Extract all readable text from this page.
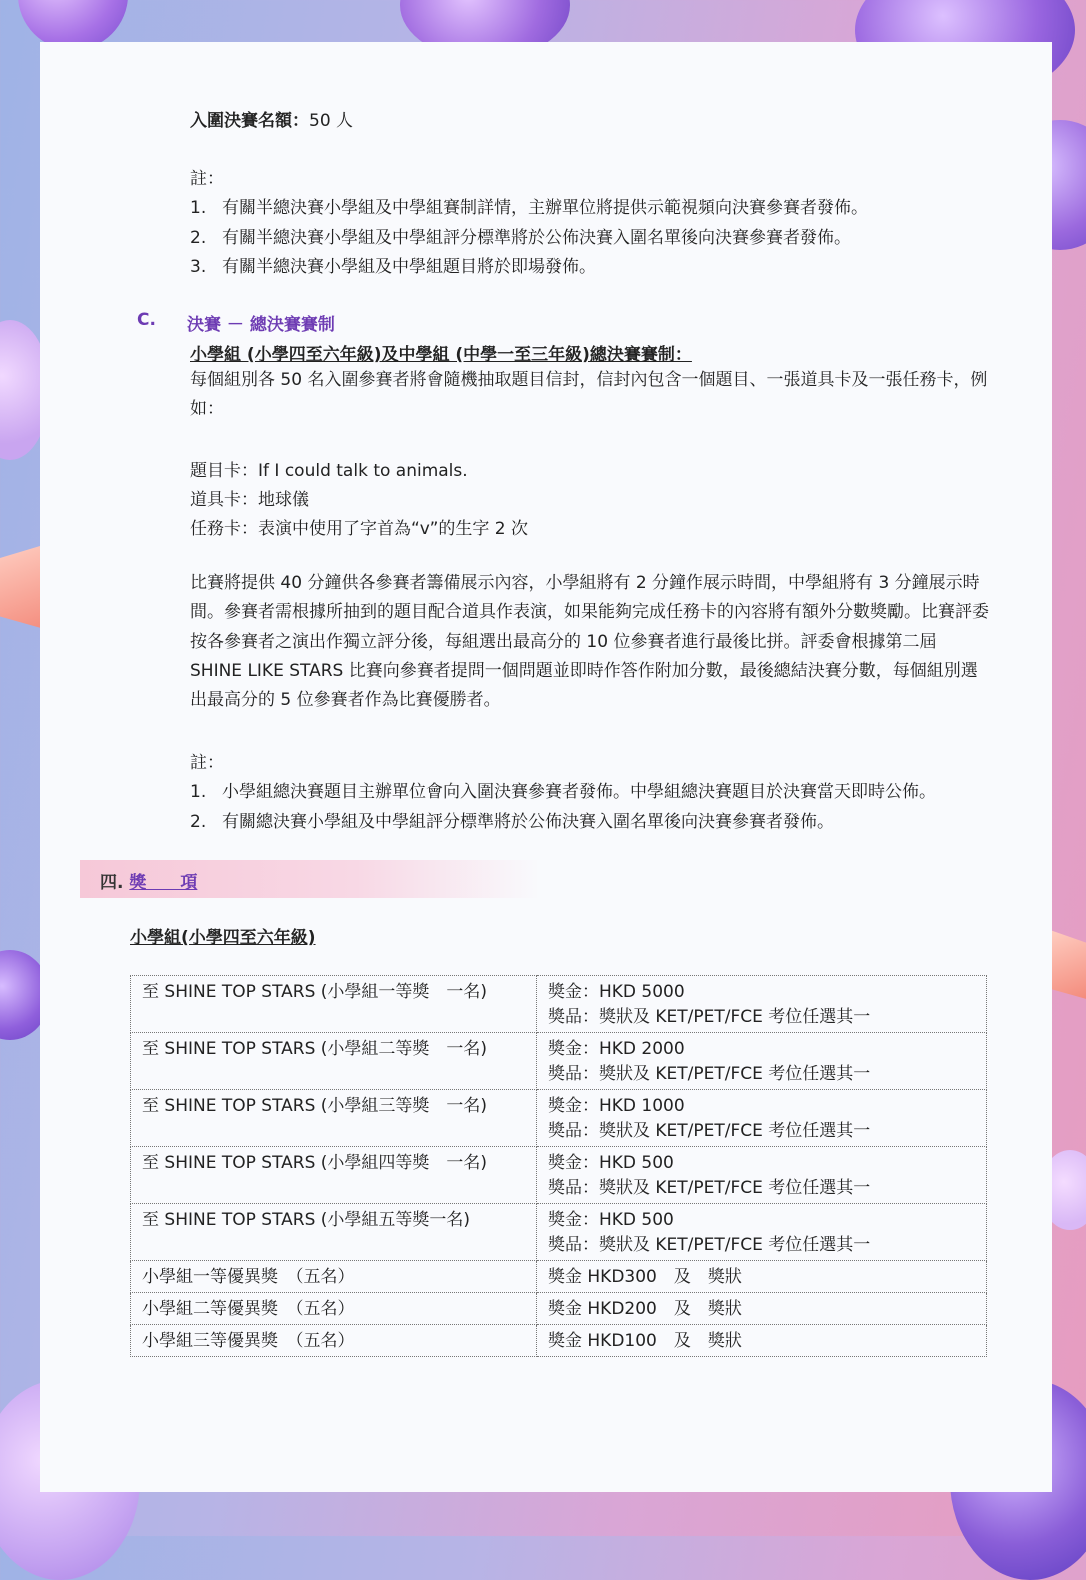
入圍決賽名額：50 人
註：
1. 有關半總決賽小學組及中學組賽制詳情，主辦單位將提供示範視頻向決賽參賽者發佈。
2. 有關半總決賽小學組及中學組評分標準將於公佈決賽入圍名單後向決賽參賽者發佈。
3. 有關半總決賽小學組及中學組題目將於即場發佈。
C. 決賽 － 總決賽賽制
小學組 (小學四至六年級)及中學組 (中學一至三年級)總決賽賽制：
每個組別各 50 名入圍參賽者將會隨機抽取題目信封，信封內包含一個題目、一張道具卡及一張任務卡，例如：
題目卡：If I could talk to animals.
道具卡：地球儀
任務卡：表演中使用了字首為“v”的生字 2 次
比賽將提供 40 分鐘供各參賽者籌備展示內容，小學組將有 2 分鐘作展示時間，中學組將有 3 分鐘展示時間。參賽者需根據所抽到的題目配合道具作表演，如果能夠完成任務卡的內容將有額外分數獎勵。比賽評委按各參賽者之演出作獨立評分後，每組選出最高分的 10 位參賽者進行最後比拼。評委會根據第二屆 SHINE LIKE STARS 比賽向參賽者提問一個問題並即時作答作附加分數，最後總結決賽分數，每個組別選出最高分的 5 位參賽者作為比賽優勝者。
註：
1. 小學組總決賽題目主辦單位會向入圍決賽參賽者發佈。中學組總決賽題目於決賽當天即時公佈。
2. 有關總決賽小學組及中學組評分標準將於公佈決賽入圍名單後向決賽參賽者發佈。
四. 獎　　項
小學組(小學四至六年級)
至 SHINE TOP STARS (小學組一等獎　一名)	獎金：HKD 5000
獎品：獎狀及 KET/PET/FCE 考位任選其一

至 SHINE TOP STARS (小學組二等獎　一名)	獎金：HKD 2000
獎品：獎狀及 KET/PET/FCE 考位任選其一

至 SHINE TOP STARS (小學組三等獎　一名)	獎金：HKD 1000
獎品：獎狀及 KET/PET/FCE 考位任選其一

至 SHINE TOP STARS (小學組四等獎　一名)	獎金：HKD 500
獎品：獎狀及 KET/PET/FCE 考位任選其一

至 SHINE TOP STARS (小學組五等獎一名)	獎金：HKD 500
獎品：獎狀及 KET/PET/FCE 考位任選其一

小學組一等優異獎　（五名）	獎金 HKD300　及　獎狀

小學組二等優異獎　（五名）	獎金 HKD200　及　獎狀

小學組三等優異獎　（五名）	獎金 HKD100　及　獎狀
